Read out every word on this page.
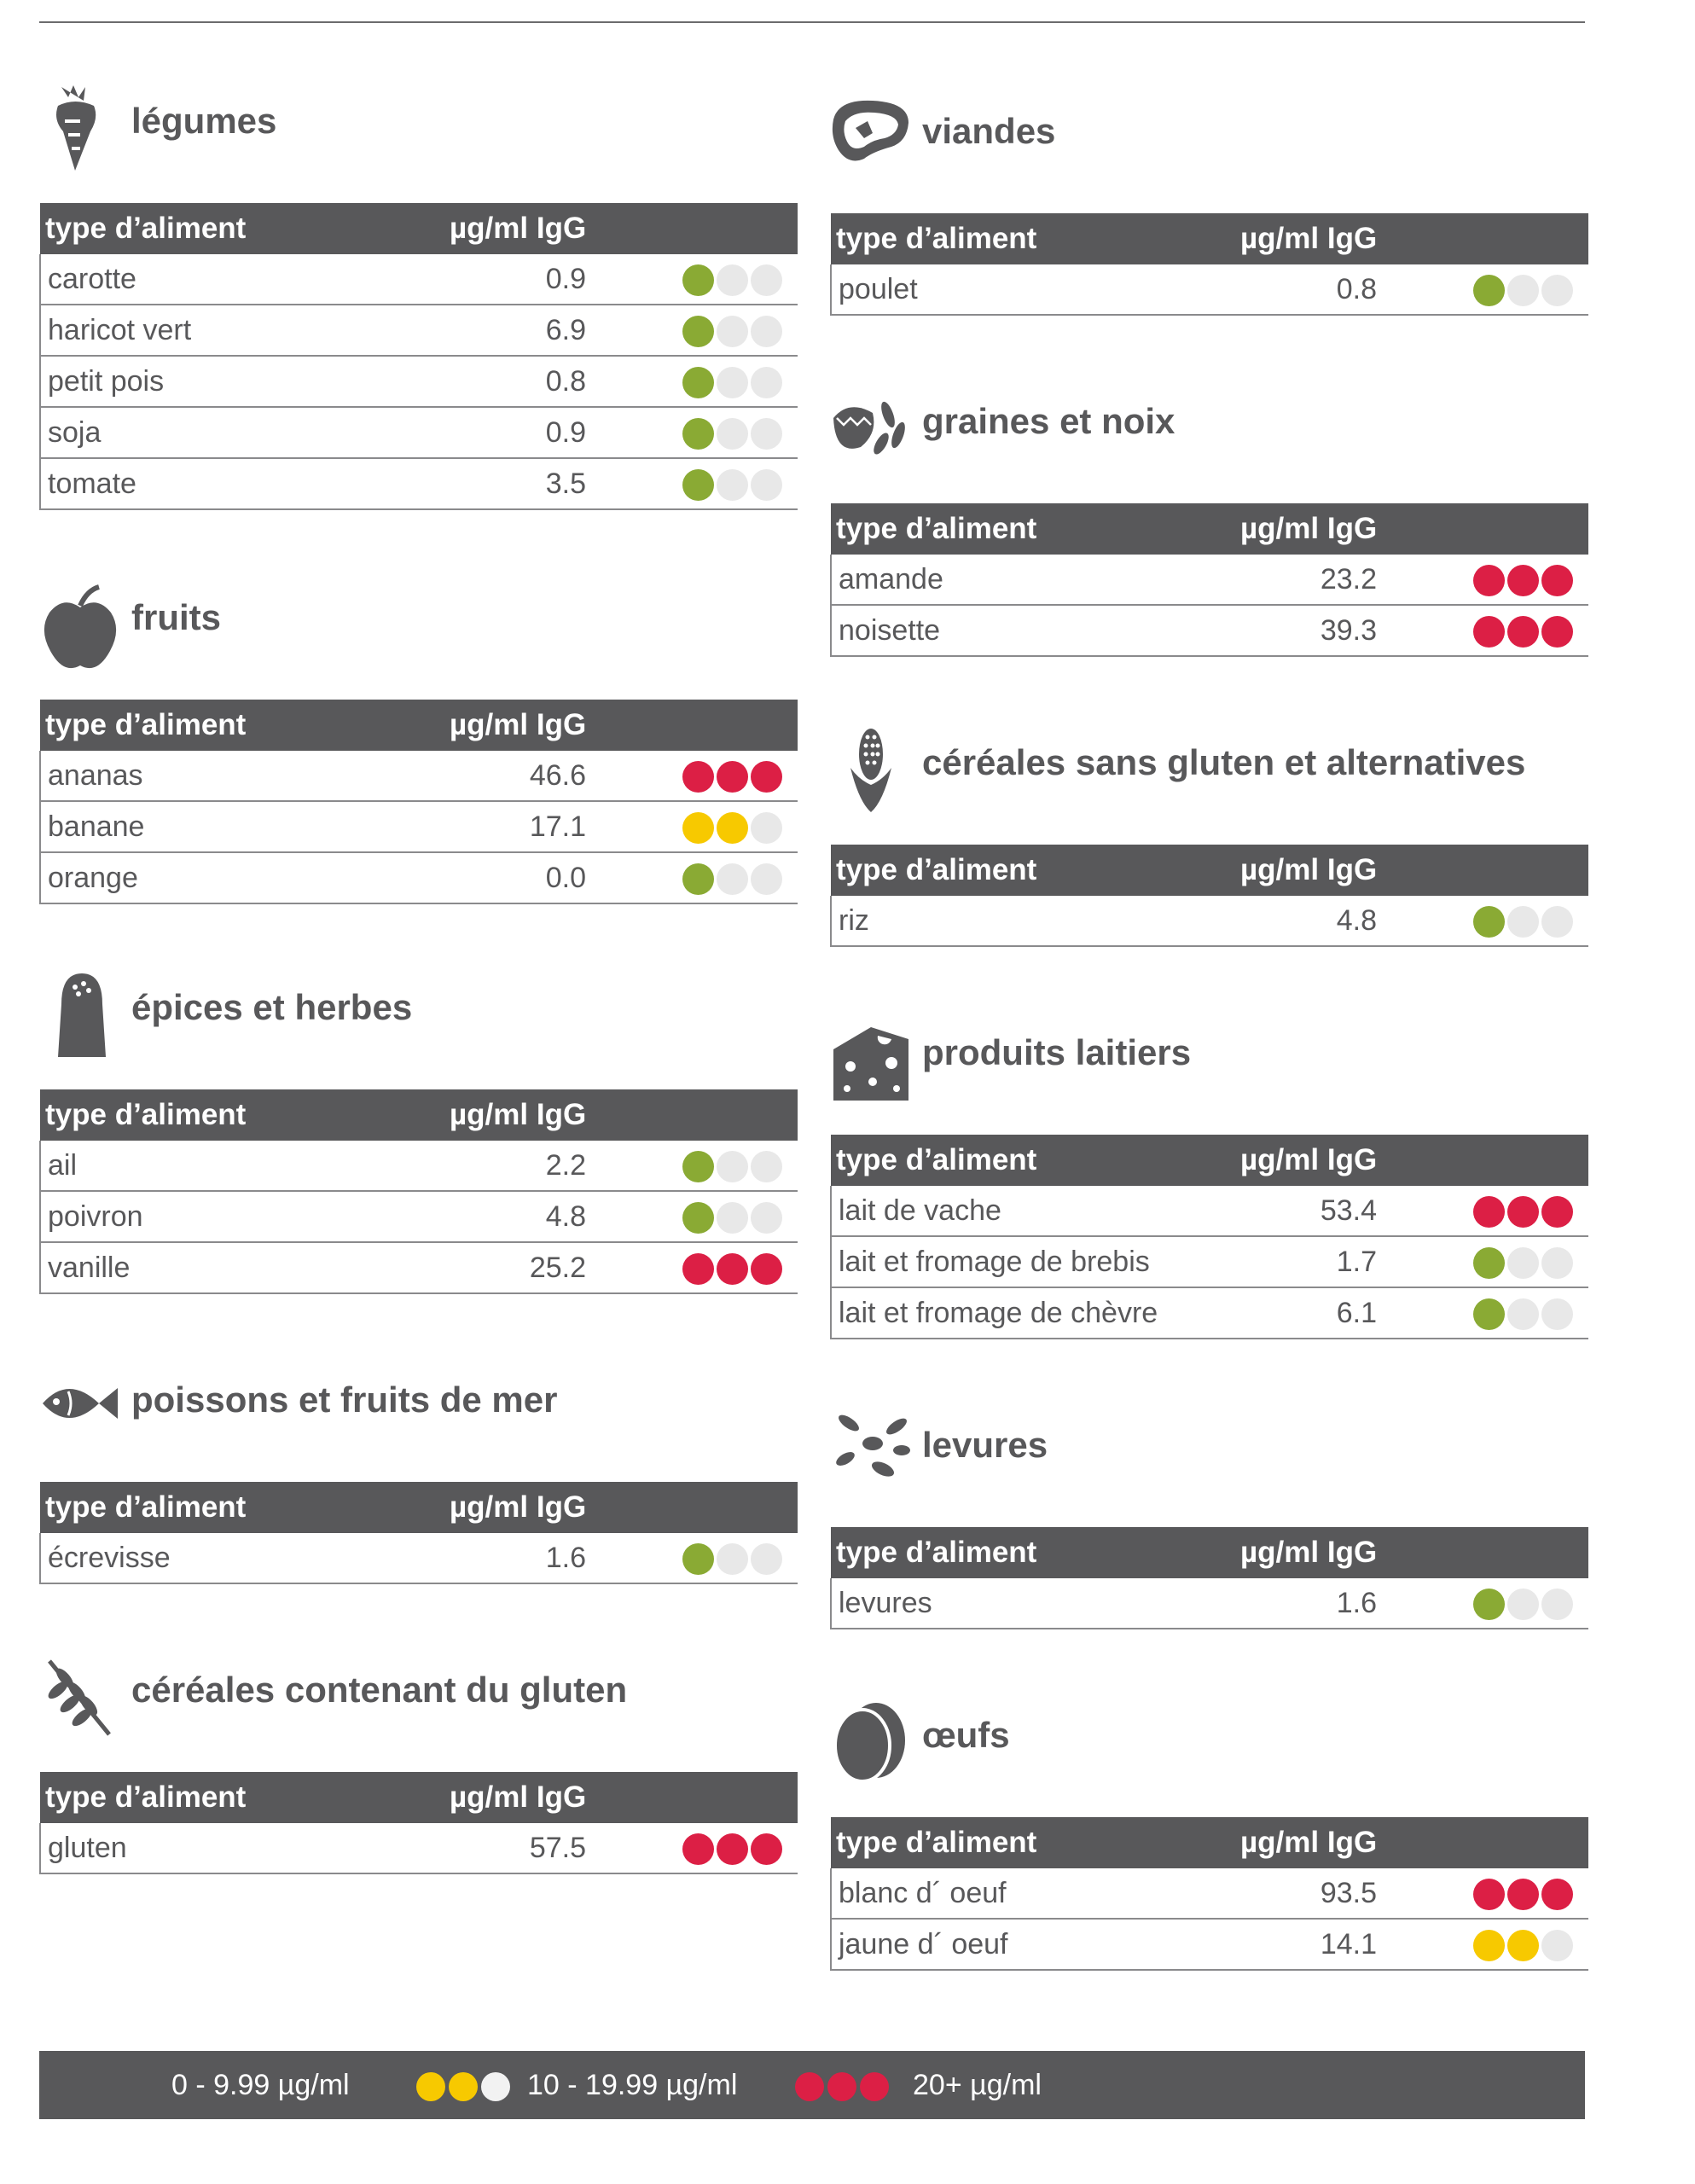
légumes
type d’aliment	µg/ml IgG
carotte	0.9

haricot vert	6.9

petit pois	0.8

soja	0.9

tomate	3.5
fruits
type d’aliment	µg/ml IgG
ananas	46.6

banane	17.1

orange	0.0
épices et herbes
type d’aliment	µg/ml IgG
ail	2.2

poivron	4.8

vanille	25.2
poissons et fruits de mer
type d’aliment	µg/ml IgG
écrevisse	1.6
céréales contenant du gluten
type d’aliment	µg/ml IgG
gluten	57.5
viandes
type d’aliment	µg/ml IgG
poulet	0.8
graines et noix
type d’aliment	µg/ml IgG
amande	23.2

noisette	39.3
céréales sans gluten et alternatives
type d’aliment	µg/ml IgG
riz	4.8
produits laitiers
type d’aliment	µg/ml IgG
lait de vache	53.4

lait et fromage de brebis	1.7

lait et fromage de chèvre	6.1
levures
type d’aliment	µg/ml IgG
levures	1.6
œufs
type d’aliment	µg/ml IgG
blanc d´ oeuf	93.5

jaune d´ oeuf	14.1
0 - 9.99 µg/ml	10 - 19.99 µg/ml	20+ µg/ml
